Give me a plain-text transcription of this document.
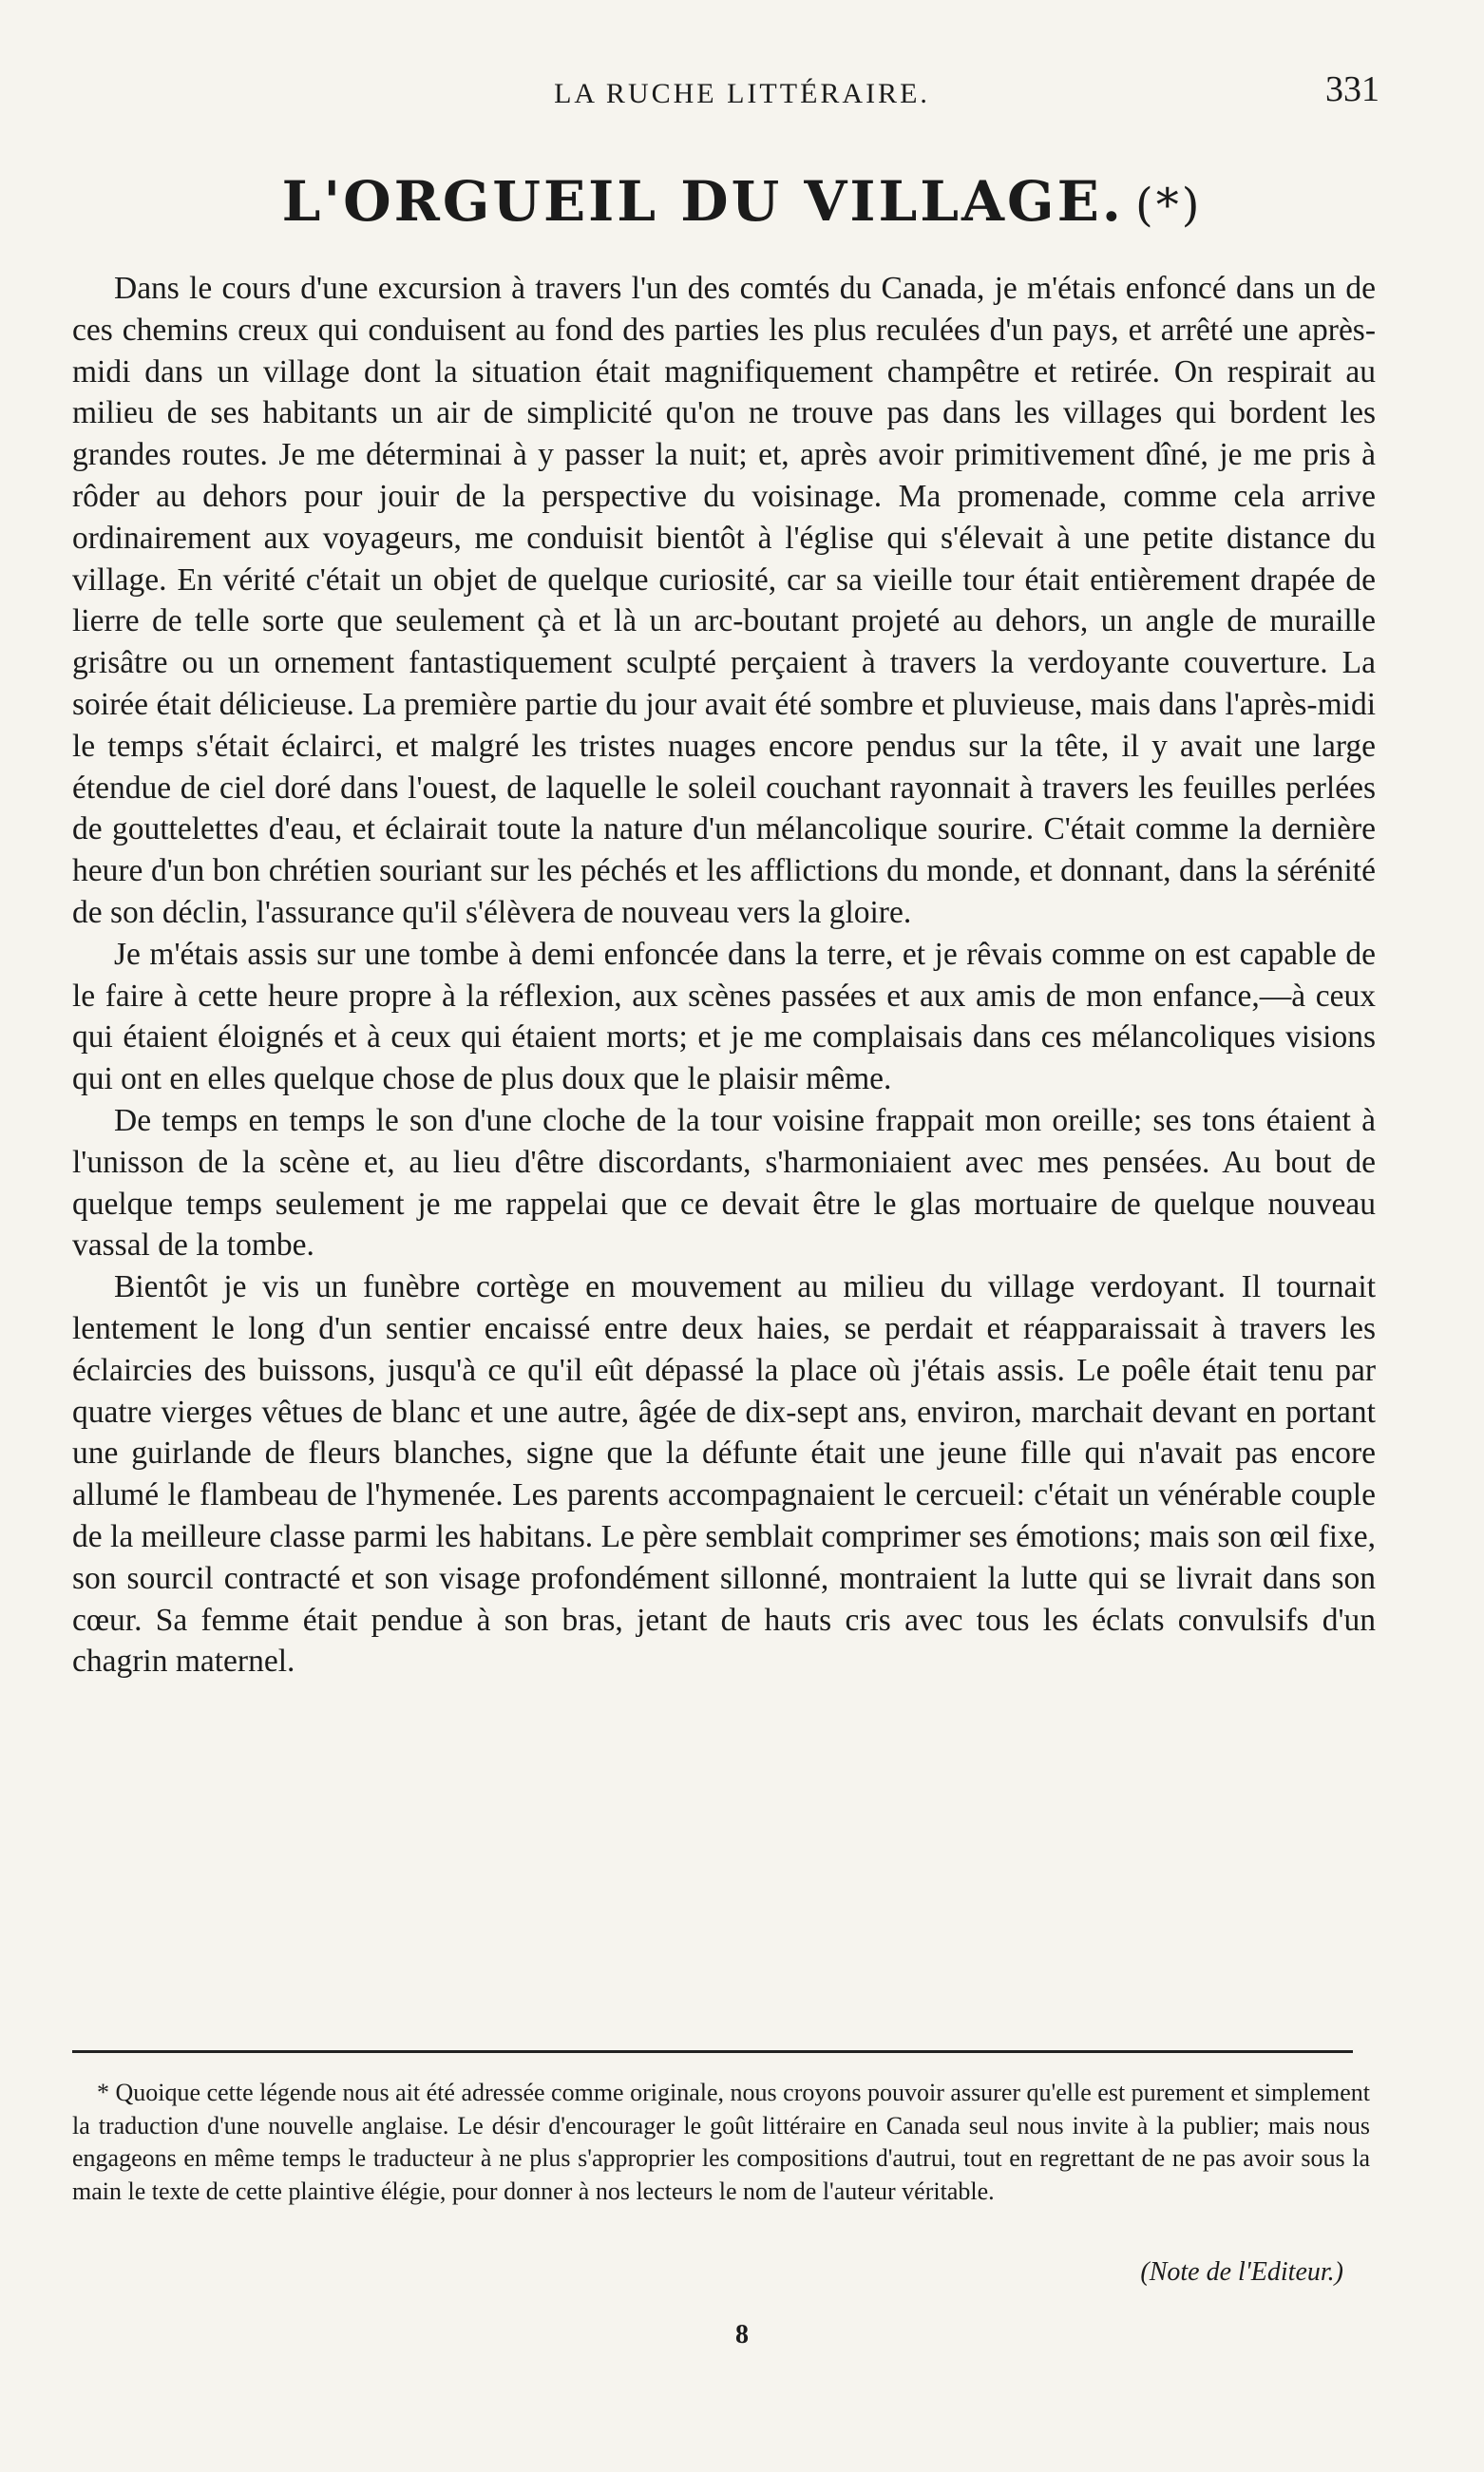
LA RUCHE LITTÉRAIRE.	331
L'ORGUEIL DU VILLAGE. (*)

Dans le cours d'une excursion à travers l'un des comtés du Canada, je m'étais enfoncé dans un de ces chemins creux qui conduisent au fond des parties les plus reculées d'un pays, et arrêté une après-midi dans un village dont la situation était magnifiquement champêtre et retirée. On respirait au milieu de ses habitants un air de simplicité qu'on ne trouve pas dans les villages qui bordent les grandes routes. Je me déterminai à y passer la nuit; et, après avoir primitivement dîné, je me pris à rôder au dehors pour jouir de la perspective du voisinage. Ma promenade, comme cela arrive ordinairement aux voyageurs, me conduisit bientôt à l'église qui s'élevait à une petite distance du village. En vérité c'était un objet de quelque curiosité, car sa vieille tour était entièrement drapée de lierre de telle sorte que seulement çà et là un arc-boutant projeté au dehors, un angle de muraille grisâtre ou un ornement fantastiquement sculpté perçaient à travers la verdoyante couverture. La soirée était délicieuse. La première partie du jour avait été sombre et pluvieuse, mais dans l'après-midi le temps s'était éclairci, et malgré les tristes nuages encore pendus sur la tête, il y avait une large étendue de ciel doré dans l'ouest, de laquelle le soleil couchant rayonnait à travers les feuilles perlées de gouttelettes d'eau, et éclairait toute la nature d'un mélancolique sourire. C'était comme la dernière heure d'un bon chrétien souriant sur les péchés et les afflictions du monde, et donnant, dans la sérénité de son déclin, l'assurance qu'il s'élèvera de nouveau vers la gloire.

Je m'étais assis sur une tombe à demi enfoncée dans la terre, et je rêvais comme on est capable de le faire à cette heure propre à la réflexion, aux scènes passées et aux amis de mon enfance,—à ceux qui étaient éloignés et à ceux qui étaient morts; et je me complaisais dans ces mélancoliques visions qui ont en elles quelque chose de plus doux que le plaisir même.

De temps en temps le son d'une cloche de la tour voisine frappait mon oreille; ses tons étaient à l'unisson de la scène et, au lieu d'être discordants, s'harmoniaient avec mes pensées. Au bout de quelque temps seulement je me rappelai que ce devait être le glas mortuaire de quelque nouveau vassal de la tombe.

Bientôt je vis un funèbre cortège en mouvement au milieu du village verdoyant. Il tournait lentement le long d'un sentier encaissé entre deux haies, se perdait et réapparaissait à travers les éclaircies des buissons, jusqu'à ce qu'il eût dépassé la place où j'étais assis. Le poêle était tenu par quatre vierges vêtues de blanc et une autre, âgée de dix-sept ans, environ, marchait devant en portant une guirlande de fleurs blanches, signe que la défunte était une jeune fille qui n'avait pas encore allumé le flambeau de l'hymenée. Les parents accompagnaient le cercueil: c'était un vénérable couple de la meilleure classe parmi les habitans. Le père semblait comprimer ses émotions; mais son œil fixe, son sourcil contracté et son visage profondément sillonné, montraient la lutte qui se livrait dans son cœur. Sa femme était pendue à son bras, jetant de hauts cris avec tous les éclats convulsifs d'un chagrin maternel.

* Quoique cette légende nous ait été adressée comme originale, nous croyons pouvoir assurer qu'elle est purement et simplement la traduction d'une nouvelle anglaise. Le désir d'encourager le goût littéraire en Canada seul nous invite à la publier; mais nous engageons en même temps le traducteur à ne plus s'approprier les compositions d'autrui, tout en regrettant de ne pas avoir sous la main le texte de cette plaintive élégie, pour donner à nos lecteurs le nom de l'auteur véritable.

(Note de l'Editeur.)
8
